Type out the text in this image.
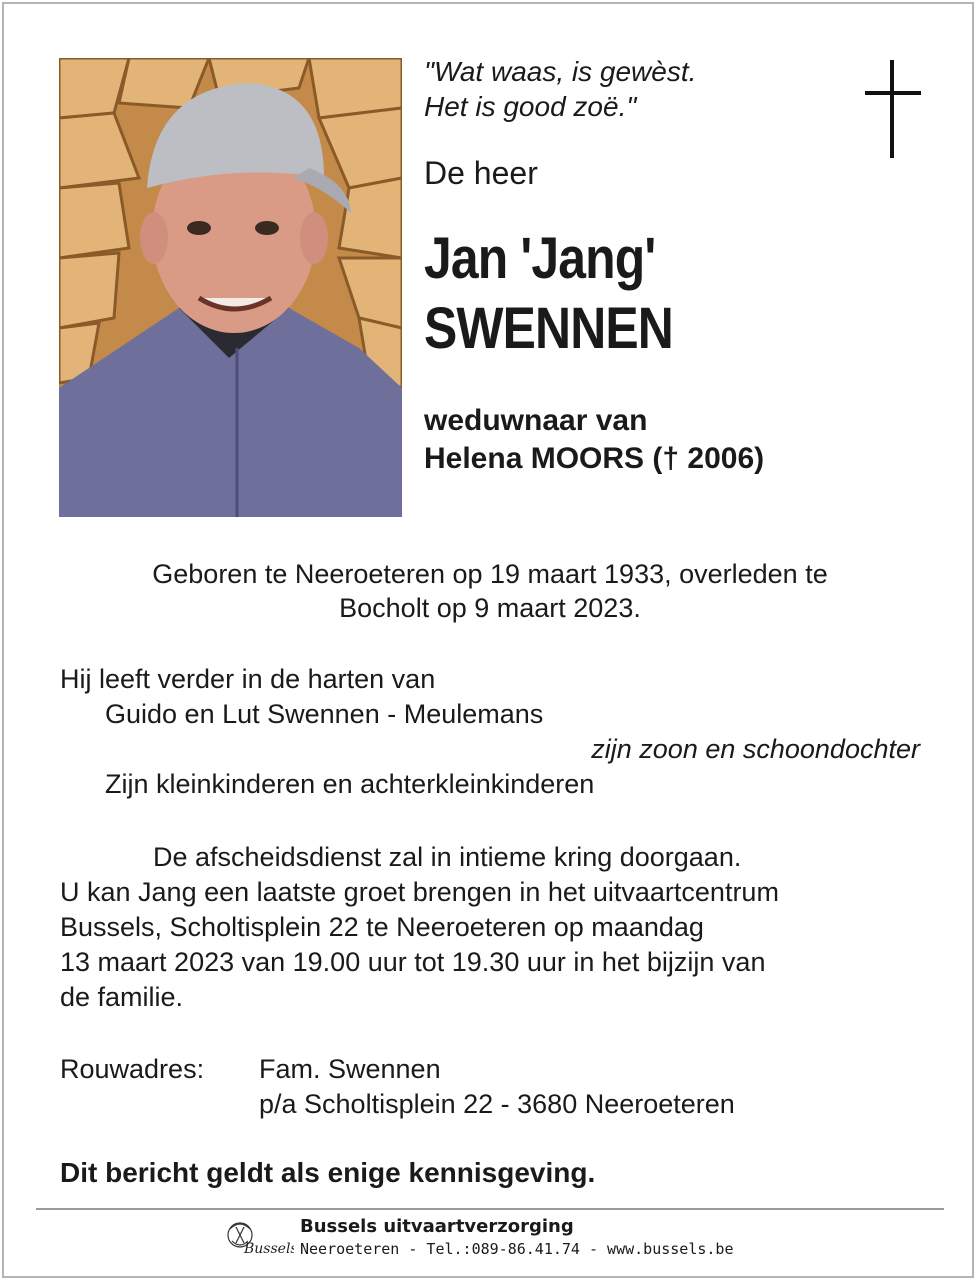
"Wat waas, is gewèst.
Het is good zoë."
De heer
Jan 'Jang'
SWENNEN
weduwnaar van
Helena MOORS († 2006)
Geboren te Neeroeteren op 19 maart 1933, overleden te
Bocholt op 9 maart 2023.
Hij leeft verder in de harten van
Guido en Lut Swennen - Meulemans
zijn zoon en schoondochter
Zijn kleinkinderen en achterkleinkinderen
De afscheidsdienst zal in intieme kring doorgaan.
U kan Jang een laatste groet brengen in het uitvaartcentrum
Bussels, Scholtisplein 22 te Neeroeteren op maandag
13 maart 2023 van 19.00 uur tot 19.30 uur in het bijzijn van
de familie.
Rouwadres:	Fam. Swennen
p/a Scholtisplein 22 - 3680 Neeroeteren
Dit bericht geldt als enige kennisgeving.
Bussels
Bussels uitvaartverzorging
Neeroeteren - Tel.:089-86.41.74 - www.bussels.be
